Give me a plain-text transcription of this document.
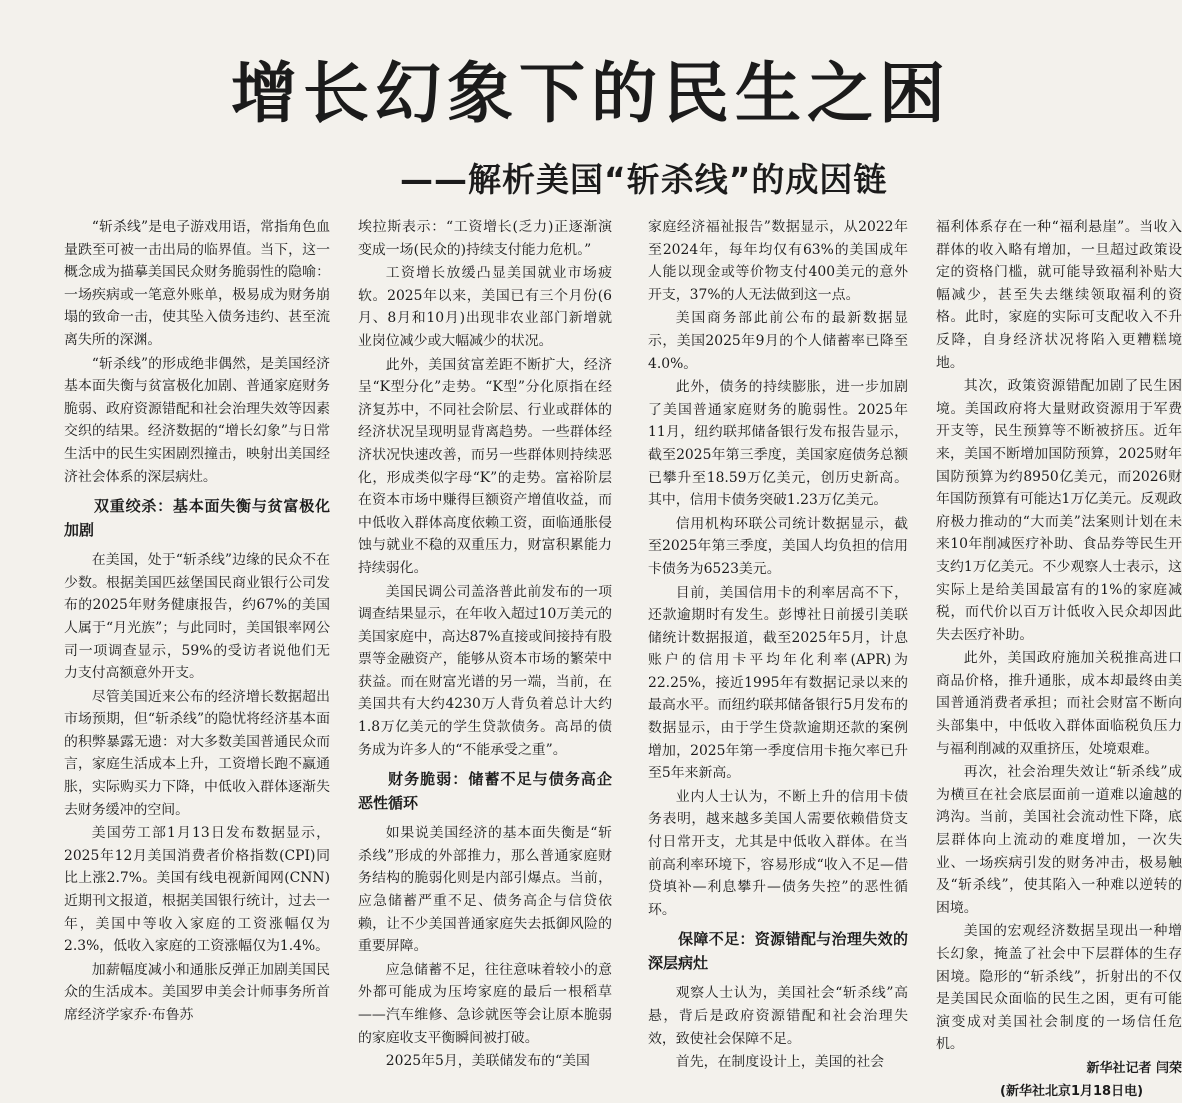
增长幻象下的民生之困
——解析美国“斩杀线”的成因链

“斩杀线”是电子游戏用语，常指角色血量跌至可被一击出局的临界值。当下，这一概念成为描摹美国民众财务脆弱性的隐喻：一场疾病或一笔意外账单，极易成为财务崩塌的致命一击，使其坠入债务违约、甚至流离失所的深渊。

“斩杀线”的形成绝非偶然，是美国经济基本面失衡与贫富极化加剧、普通家庭财务脆弱、政府资源错配和社会治理失效等因素交织的结果。经济数据的“增长幻象”与日常生活中的民生实困剧烈撞击，映射出美国经济社会体系的深层病灶。

双重绞杀：基本面失衡与贫富极化加剧

在美国，处于“斩杀线”边缘的民众不在少数。根据美国匹兹堡国民商业银行公司发布的2025年财务健康报告，约67%的美国人属于“月光族”；与此同时，美国银率网公司一项调查显示，59%的受访者说他们无力支付高额意外开支。

尽管美国近来公布的经济增长数据超出市场预期，但“斩杀线”的隐忧将经济基本面的积弊暴露无遗：对大多数美国普通民众而言，家庭生活成本上升，工资增长跑不赢通胀，实际购买力下降，中低收入群体逐渐失去财务缓冲的空间。

美国劳工部1月13日发布数据显示，2025年12月美国消费者价格指数(CPI)同比上涨2.7%。美国有线电视新闻网(CNN)近期刊文报道，根据美国银行统计，过去一年，美国中等收入家庭的工资涨幅仅为2.3%，低收入家庭的工资涨幅仅为1.4%。

加薪幅度减小和通胀反弹正加剧美国民众的生活成本。美国罗申美会计师事务所首席经济学家乔·布鲁苏

埃拉斯表示：“工资增长(乏力)正逐渐演变成一场(民众的)持续支付能力危机。”

工资增长放缓凸显美国就业市场疲软。2025年以来，美国已有三个月份(6月、8月和10月)出现非农业部门新增就业岗位减少或大幅减少的状况。

此外，美国贫富差距不断扩大，经济呈“K型分化”走势。“K型”分化原指在经济复苏中，不同社会阶层、行业或群体的经济状况呈现明显背离趋势。一些群体经济状况快速改善，而另一些群体则持续恶化，形成类似字母“K”的走势。富裕阶层在资本市场中赚得巨额资产增值收益，而中低收入群体高度依赖工资，面临通胀侵蚀与就业不稳的双重压力，财富积累能力持续弱化。

美国民调公司盖洛普此前发布的一项调查结果显示，在年收入超过10万美元的美国家庭中，高达87%直接或间接持有股票等金融资产，能够从资本市场的繁荣中获益。而在财富光谱的另一端，当前，在美国共有大约4230万人背负着总计大约1.8万亿美元的学生贷款债务。高昂的债务成为许多人的“不能承受之重”。

财务脆弱：储蓄不足与债务高企恶性循环

如果说美国经济的基本面失衡是“斩杀线”形成的外部推力，那么普通家庭财务结构的脆弱化则是内部引爆点。当前，应急储蓄严重不足、债务高企与信贷依赖，让不少美国普通家庭失去抵御风险的重要屏障。

应急储蓄不足，往往意味着较小的意外都可能成为压垮家庭的最后一根稻草——汽车维修、急诊就医等会让原本脆弱的家庭收支平衡瞬间被打破。

2025年5月，美联储发布的“美国

家庭经济福祉报告”数据显示，从2022年至2024年，每年均仅有63%的美国成年人能以现金或等价物支付400美元的意外开支，37%的人无法做到这一点。

美国商务部此前公布的最新数据显示，美国2025年9月的个人储蓄率已降至4.0%。

此外，债务的持续膨胀，进一步加剧了美国普通家庭财务的脆弱性。2025年11月，纽约联邦储备银行发布报告显示，截至2025年第三季度，美国家庭债务总额已攀升至18.59万亿美元，创历史新高。其中，信用卡债务突破1.23万亿美元。

信用机构环联公司统计数据显示，截至2025年第三季度，美国人均负担的信用卡债务为6523美元。

目前，美国信用卡的利率居高不下，还款逾期时有发生。彭博社日前援引美联储统计数据报道，截至2025年5月，计息账户的信用卡平均年化利率(APR)为22.25%，接近1995年有数据记录以来的最高水平。而纽约联邦储备银行5月发布的数据显示，由于学生贷款逾期还款的案例增加，2025年第一季度信用卡拖欠率已升至5年来新高。

业内人士认为，不断上升的信用卡债务表明，越来越多美国人需要依赖借贷支付日常开支，尤其是中低收入群体。在当前高利率环境下，容易形成“收入不足—借贷填补—利息攀升—债务失控”的恶性循环。

保障不足：资源错配与治理失效的深层病灶

观察人士认为，美国社会“斩杀线”高悬，背后是政府资源错配和社会治理失效，致使社会保障不足。

首先，在制度设计上，美国的社会

福利体系存在一种“福利悬崖”。当收入群体的收入略有增加，一旦超过政策设定的资格门槛，就可能导致福利补贴大幅减少，甚至失去继续领取福利的资格。此时，家庭的实际可支配收入不升反降，自身经济状况将陷入更糟糕境地。

其次，政策资源错配加剧了民生困境。美国政府将大量财政资源用于军费开支等，民生预算等不断被挤压。近年来，美国不断增加国防预算，2025财年国防预算为约8950亿美元，而2026财年国防预算有可能达1万亿美元。反观政府极力推动的“大而美”法案则计划在未来10年削减医疗补助、食品券等民生开支约1万亿美元。不少观察人士表示，这实际上是给美国最富有的1%的家庭减税，而代价以百万计低收入民众却因此失去医疗补助。

此外，美国政府施加关税推高进口商品价格，推升通胀，成本却最终由美国普通消费者承担；而社会财富不断向头部集中，中低收入群体面临税负压力与福利削减的双重挤压，处境艰难。

再次，社会治理失效让“斩杀线”成为横亘在社会底层面前一道难以逾越的鸿沟。当前，美国社会流动性下降，底层群体向上流动的难度增加，一次失业、一场疾病引发的财务冲击，极易触及“斩杀线”，使其陷入一种难以逆转的困境。

美国的宏观经济数据呈现出一种增长幻象，掩盖了社会中下层群体的生存困境。隐形的“斩杀线”，折射出的不仅是美国民众面临的民生之困，更有可能演变成对美国社会制度的一场信任危机。

新华社记者 闫荣
(新华社北京1月18日电)
